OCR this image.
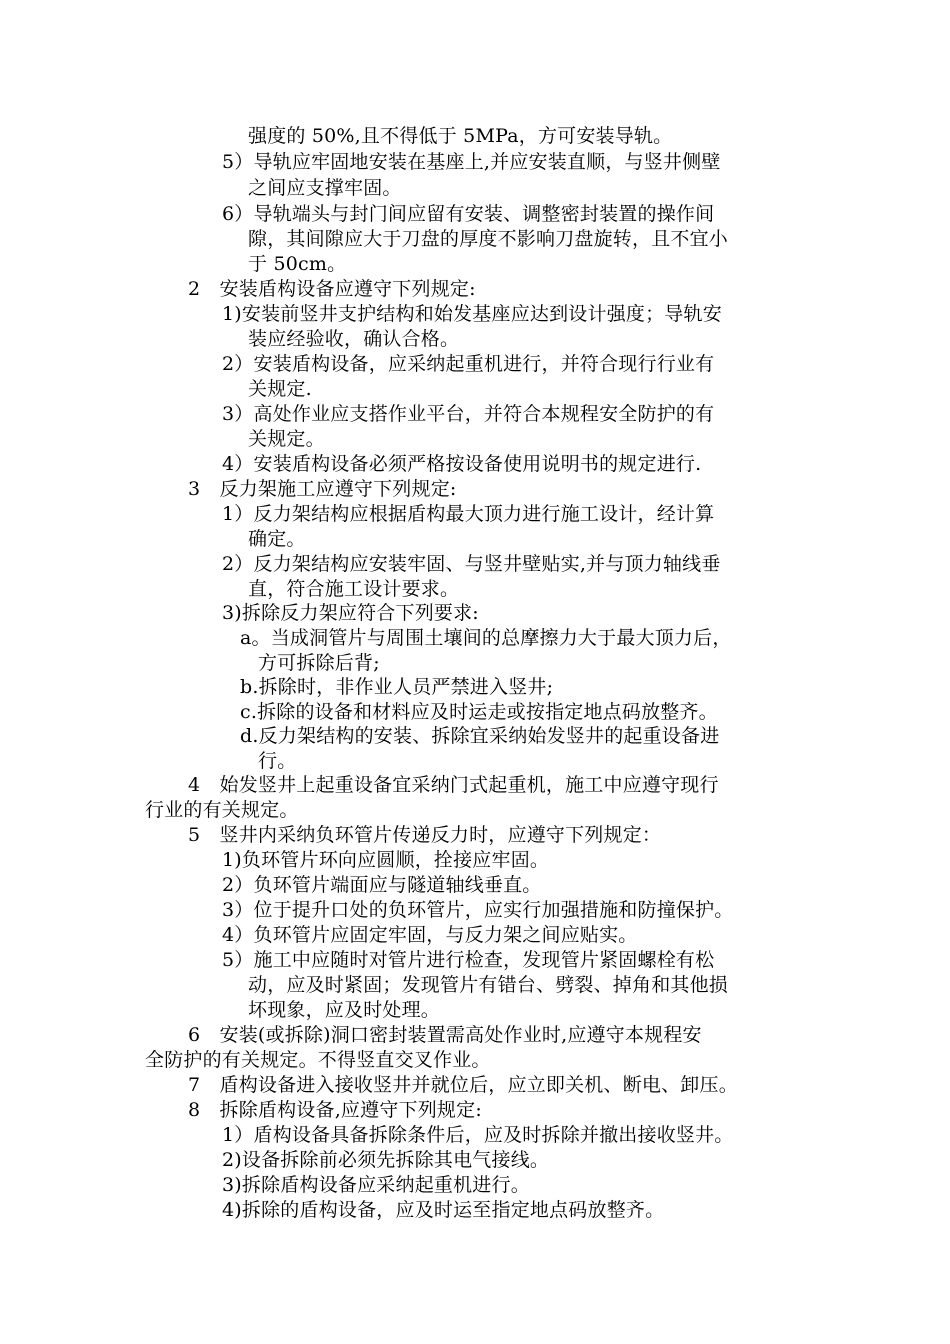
强度的 50%,且不得低于 5MPa，方可安装导轨。

5）导轨应牢固地安装在基座上,并应安装直顺，与竖井侧壁

之间应支撑牢固。

6）导轨端头与封门间应留有安装、调整密封装置的操作间

隙，其间隙应大于刀盘的厚度不影响刀盘旋转，且不宜小

于 50cm。

2　安装盾构设备应遵守下列规定:

1)安装前竖井支护结构和始发基座应达到设计强度；导轨安

装应经验收，确认合格。

2）安装盾构设备，应采纳起重机进行，并符合现行行业有

关规定.

3）高处作业应支搭作业平台，并符合本规程安全防护的有

关规定。

4）安装盾构设备必须严格按设备使用说明书的规定进行.

3　反力架施工应遵守下列规定:

1）反力架结构应根据盾构最大顶力进行施工设计，经计算

确定。

2）反力架结构应安装牢固、与竖井壁贴实,并与顶力轴线垂

直，符合施工设计要求。

3)拆除反力架应符合下列要求:

a。当成洞管片与周围土壤间的总摩擦力大于最大顶力后，

方可拆除后背;

b.拆除时，非作业人员严禁进入竖井;

c.拆除的设备和材料应及时运走或按指定地点码放整齐。

d.反力架结构的安装、拆除宜采纳始发竖井的起重设备进

行。

4　始发竖井上起重设备宜采纳门式起重机，施工中应遵守现行

行业的有关规定。

5　竖井内采纳负环管片传递反力时，应遵守下列规定：

1)负环管片环向应圆顺，拴接应牢固。

2）负环管片端面应与隧道轴线垂直。

3）位于提升口处的负环管片，应实行加强措施和防撞保护。

4）负环管片应固定牢固，与反力架之间应贴实。

5）施工中应随时对管片进行检查，发现管片紧固螺栓有松

动，应及时紧固；发现管片有错台、劈裂、掉角和其他损

坏现象，应及时处理。

6　安装(或拆除)洞口密封装置需高处作业时,应遵守本规程安

全防护的有关规定。不得竖直交叉作业。

7　盾构设备进入接收竖井并就位后，应立即关机、断电、卸压。

8　拆除盾构设备,应遵守下列规定:

1）盾构设备具备拆除条件后，应及时拆除并撤出接收竖井。

2)设备拆除前必须先拆除其电气接线。

3)拆除盾构设备应采纳起重机进行。

4)拆除的盾构设备，应及时运至指定地点码放整齐。
